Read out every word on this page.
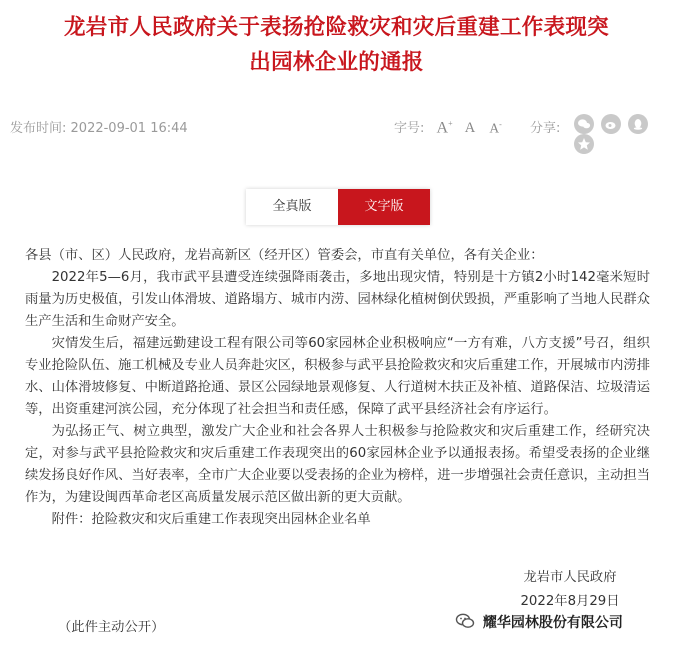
龙岩市人民政府关于表扬抢险救灾和灾后重建工作表现突
出园林企业的通报
发布时间: 2022-09-01 16:44	字号: A+ A A- 分享:

全真版	文字版

各县（市、区）人民政府，龙岩高新区（经开区）管委会，市直有关单位，各有关企业：

2022年5—6月，我市武平县遭受连续强降雨袭击，多地出现灾情，特别是十方镇2小时142毫米短时雨量为历史极值，引发山体滑坡、道路塌方、城市内涝、园林绿化植树倒伏毁损，严重影响了当地人民群众生产生活和生命财产安全。

灾情发生后，福建远勤建设工程有限公司等60家园林企业积极响应“一方有难，八方支援”号召，组织专业抢险队伍、施工机械及专业人员奔赴灾区，积极参与武平县抢险救灾和灾后重建工作，开展城市内涝排水、山体滑坡修复、中断道路抢通、景区公园绿地景观修复、人行道树木扶正及补植、道路保洁、垃圾清运等，出资重建河滨公园，充分体现了社会担当和责任感，保障了武平县经济社会有序运行。

为弘扬正气、树立典型，激发广大企业和社会各界人士积极参与抢险救灾和灾后重建工作，经研究决定，对参与武平县抢险救灾和灾后重建工作表现突出的60家园林企业予以通报表扬。希望受表扬的企业继续发扬良好作风、当好表率，全市广大企业要以受表扬的企业为榜样，进一步增强社会责任意识，主动担当作为，为建设闽西革命老区高质量发展示范区做出新的更大贡献。

附件：抢险救灾和灾后重建工作表现突出园林企业名单

龙岩市人民政府
2022年8月29日
（此件主动公开）	耀华园林股份有限公司
